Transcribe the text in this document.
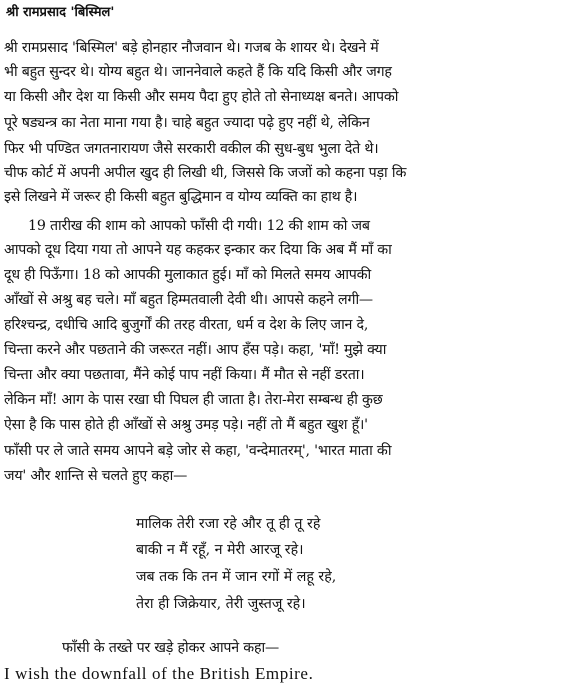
श्री रामप्रसाद 'बिस्मिल'
श्री रामप्रसाद 'बिस्मिल' बड़े होनहार नौजवान थे। गजब के शायर थे। देखने में
भी बहुत सुन्दर थे। योग्य बहुत थे। जाननेवाले कहते हैं कि यदि किसी और जगह
या किसी और देश या किसी और समय पैदा हुए होते तो सेनाध्यक्ष बनते। आपको
पूरे षड्यन्त्र का नेता माना गया है। चाहे बहुत ज्यादा पढ़े हुए नहीं थे, लेकिन
फिर भी पण्डित जगतनारायण जैसे सरकारी वकील की सुध-बुध भुला देते थे।
चीफ कोर्ट में अपनी अपील खुद ही लिखी थी, जिससे कि जजों को कहना पड़ा कि
इसे लिखने में जरूर ही किसी बहुत बुद्धिमान व योग्य व्यक्ति का हाथ है।
19 तारीख की शाम को आपको फाँसी दी गयी। 12 की शाम को जब
आपको दूध दिया गया तो आपने यह कहकर इन्कार कर दिया कि अब मैं माँ का
दूध ही पिऊँगा। 18 को आपकी मुलाकात हुई। माँ को मिलते समय आपकी
आँखों से अश्रु बह चले। माँ बहुत हिम्मतवाली देवी थी। आपसे कहने लगी—
हरिश्चन्द्र, दधीचि आदि बुजुर्गों की तरह वीरता, धर्म व देश के लिए जान दे,
चिन्ता करने और पछताने की जरूरत नहीं। आप हँस पड़े। कहा, 'माँ! मुझे क्या
चिन्ता और क्या पछतावा, मैंने कोई पाप नहीं किया। मैं मौत से नहीं डरता।
लेकिन माँ! आग के पास रखा घी पिघल ही जाता है। तेरा-मेरा सम्बन्ध ही कुछ
ऐसा है कि पास होते ही आँखों से अश्रु उमड़ पड़े। नहीं तो मैं बहुत खुश हूँ।'
फाँसी पर ले जाते समय आपने बड़े जोर से कहा, 'वन्देमातरम्', 'भारत माता की
जय' और शान्ति से चलते हुए कहा—
मालिक तेरी रजा रहे और तू ही तू रहे
बाकी न मैं रहूँ, न मेरी आरजू रहे।
जब तक कि तन में जान रगों में लहू रहे,
तेरा ही जिक्रेयार, तेरी जुस्तजू रहे।
फाँसी के तख्ते पर खड़े होकर आपने कहा—
I wish the downfall of the British Empire.
